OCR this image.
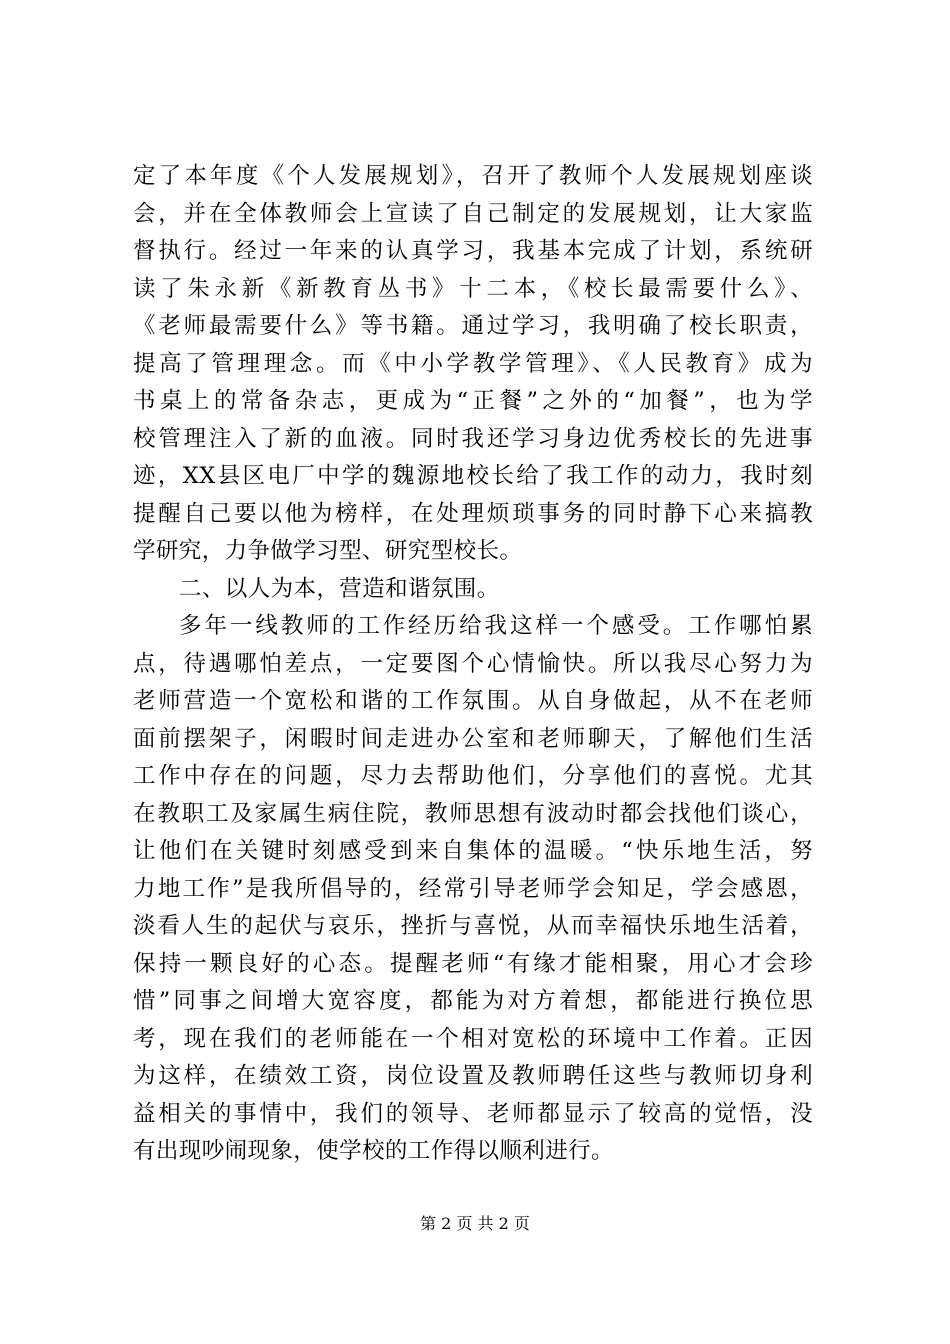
定了本年度《个人发展规划》，召开了教师个人发展规划座谈
会，并在全体教师会上宣读了自己制定的发展规划，让大家监
督执行。经过一年来的认真学习，我基本完成了计划，系统研
读了朱永新《新教育丛书》十二本，《校长最需要什么》、
《老师最需要什么》等书籍。通过学习，我明确了校长职责，
提高了管理理念。而《中小学教学管理》、《人民教育》成为
书桌上的常备杂志，更成为“正餐”之外的“加餐”，也为学
校管理注入了新的血液。同时我还学习身边优秀校长的先进事
迹，XX县区电厂中学的魏源地校长给了我工作的动力，我时刻
提醒自己要以他为榜样，在处理烦琐事务的同时静下心来搞教
学研究，力争做学习型、研究型校长。
二、以人为本，营造和谐氛围。
多年一线教师的工作经历给我这样一个感受。工作哪怕累
点，待遇哪怕差点，一定要图个心情愉快。所以我尽心努力为
老师营造一个宽松和谐的工作氛围。从自身做起，从不在老师
面前摆架子，闲暇时间走进办公室和老师聊天，了解他们生活
工作中存在的问题，尽力去帮助他们，分享他们的喜悦。尤其
在教职工及家属生病住院，教师思想有波动时都会找他们谈心，
让他们在关键时刻感受到来自集体的温暖。“快乐地生活，努
力地工作”是我所倡导的，经常引导老师学会知足，学会感恩，
淡看人生的起伏与哀乐，挫折与喜悦，从而幸福快乐地生活着，
保持一颗良好的心态。提醒老师“有缘才能相聚，用心才会珍
惜”同事之间增大宽容度，都能为对方着想，都能进行换位思
考，现在我们的老师能在一个相对宽松的环境中工作着。正因
为这样，在绩效工资，岗位设置及教师聘任这些与教师切身利
益相关的事情中，我们的领导、老师都显示了较高的觉悟，没
有出现吵闹现象，使学校的工作得以顺利进行。
第 2 页 共 2 页
